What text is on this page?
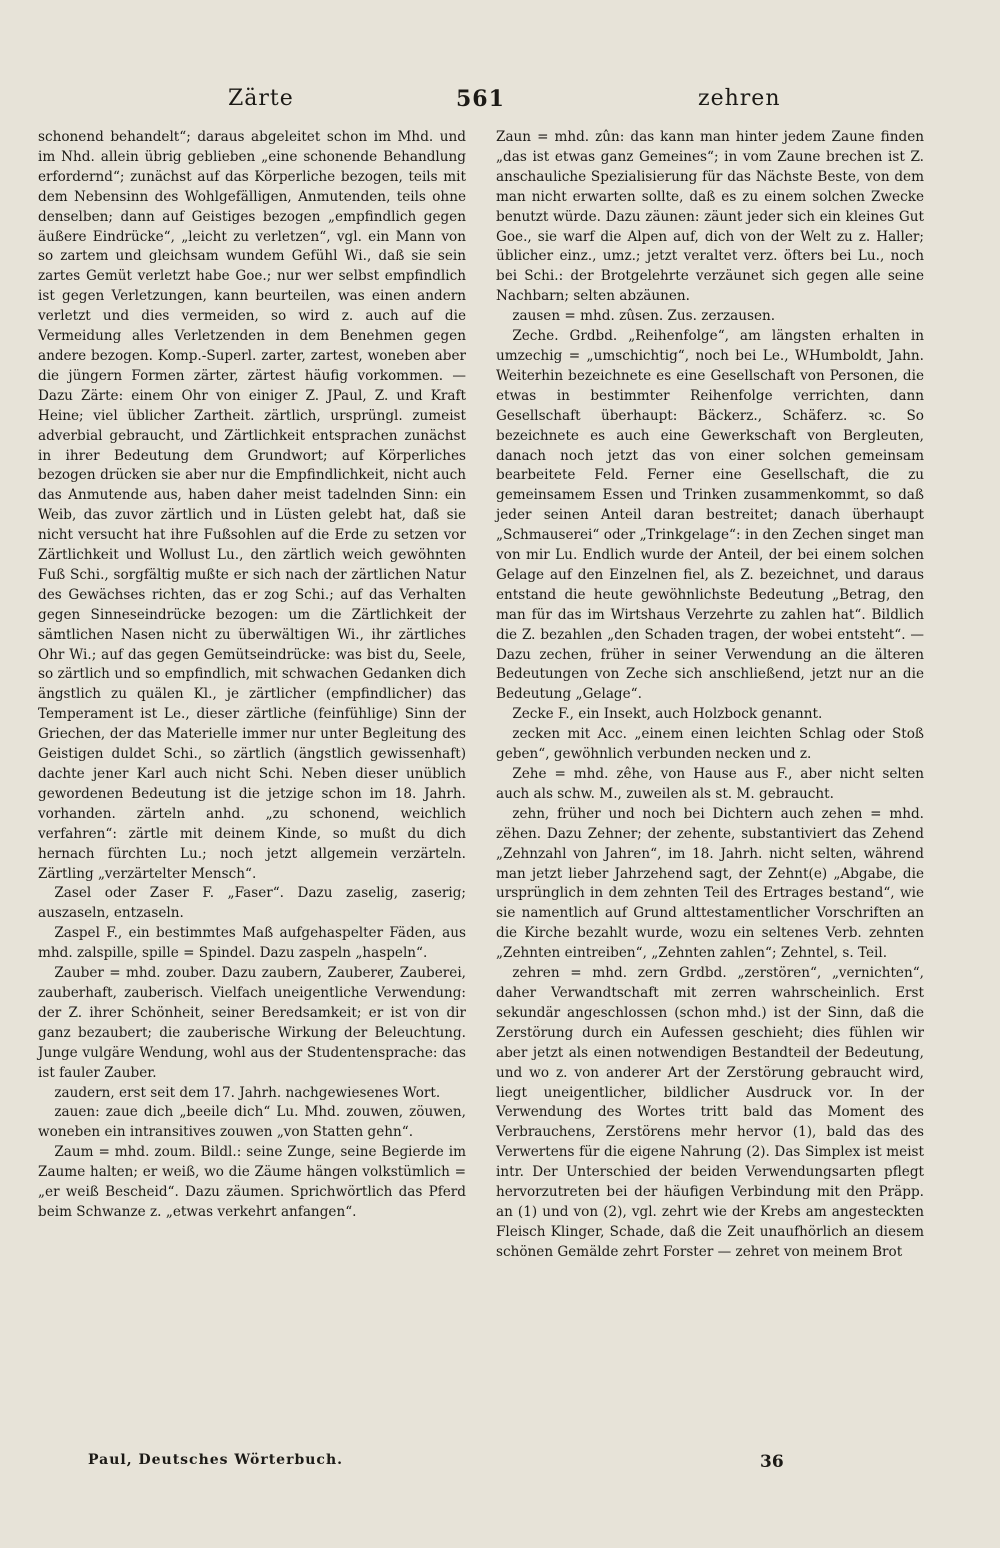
Zärte	561	zehren

schonend behandelt“; daraus abgeleitet schon im Mhd. und im Nhd. allein übrig geblieben „eine schonende Behandlung erfordernd“; zunächst auf das Körperliche bezogen, teils mit dem Nebensinn des Wohlgefälligen, Anmutenden, teils ohne denselben; dann auf Geistiges bezogen „empfindlich gegen äußere Eindrücke“, „leicht zu verletzen“, vgl. ein Mann von so zartem und gleichsam wundem Gefühl Wi., daß sie sein zartes Gemüt verletzt habe Goe.; nur wer selbst empfindlich ist gegen Verletzungen, kann beurteilen, was einen andern verletzt und dies vermeiden, so wird z. auch auf die Vermeidung alles Verletzenden in dem Benehmen gegen andere bezogen. Komp.-Superl. zarter, zartest, woneben aber die jüngern Formen zärter, zärtest häufig vorkommen. — Dazu Zärte: einem Ohr von einiger Z. JPaul, Z. und Kraft Heine; viel üblicher Zartheit. zärtlich, ursprüngl. zumeist adverbial gebraucht, und Zärtlichkeit entsprachen zunächst in ihrer Bedeutung dem Grundwort; auf Körperliches bezogen drücken sie aber nur die Empfindlichkeit, nicht auch das Anmutende aus, haben daher meist tadelnden Sinn: ein Weib, das zuvor zärtlich und in Lüsten gelebt hat, daß sie nicht versucht hat ihre Fußsohlen auf die Erde zu setzen vor Zärtlichkeit und Wollust Lu., den zärtlich weich gewöhnten Fuß Schi., sorgfältig mußte er sich nach der zärtlichen Natur des Gewächses richten, das er zog Schi.; auf das Verhalten gegen Sinneseindrücke bezogen: um die Zärtlichkeit der sämtlichen Nasen nicht zu überwältigen Wi., ihr zärtliches Ohr Wi.; auf das gegen Gemütseindrücke: was bist du, Seele, so zärtlich und so empfindlich, mit schwachen Gedanken dich ängstlich zu quälen Kl., je zärtlicher (empfindlicher) das Temperament ist Le., dieser zärtliche (feinfühlige) Sinn der Griechen, der das Materielle immer nur unter Begleitung des Geistigen duldet Schi., so zärtlich (ängstlich gewissenhaft) dachte jener Karl auch nicht Schi. Neben dieser unüblich gewordenen Bedeutung ist die jetzige schon im 18. Jahrh. vorhanden. zärteln anhd. „zu schonend, weichlich verfahren“: zärtle mit deinem Kinde, so mußt du dich hernach fürchten Lu.; noch jetzt allgemein verzärteln. Zärtling „verzärtelter Mensch“.

Zasel oder Zaser F. „Faser“. Dazu zaselig, zaserig; auszaseln, entzaseln.

Zaspel F., ein bestimmtes Maß aufgehaspelter Fäden, aus mhd. zalspille, spille = Spindel. Dazu zaspeln „haspeln“.

Zauber = mhd. zouber. Dazu zaubern, Zauberer, Zauberei, zauberhaft, zauberisch. Vielfach uneigentliche Verwendung: der Z. ihrer Schönheit, seiner Beredsamkeit; er ist von dir ganz bezaubert; die zauberische Wirkung der Beleuchtung. Junge vulgäre Wendung, wohl aus der Studentensprache: das ist fauler Zauber.

zaudern, erst seit dem 17. Jahrh. nachgewiesenes Wort.

zauen: zaue dich „beeile dich“ Lu. Mhd. zouwen, zöuwen, woneben ein intransitives zouwen „von Statten gehn“.

Zaum = mhd. zoum. Bildl.: seine Zunge, seine Begierde im Zaume halten; er weiß, wo die Zäume hängen volkstümlich = „er weiß Bescheid“. Dazu zäumen. Sprichwörtlich das Pferd beim Schwanze z. „etwas verkehrt anfangen“.

Zaun = mhd. zûn: das kann man hinter jedem Zaune finden „das ist etwas ganz Gemeines“; in vom Zaune brechen ist Z. anschauliche Spezialisierung für das Nächste Beste, von dem man nicht erwarten sollte, daß es zu einem solchen Zwecke benutzt würde. Dazu zäunen: zäunt jeder sich ein kleines Gut Goe., sie warf die Alpen auf, dich von der Welt zu z. Haller; üblicher einz., umz.; jetzt veraltet verz. öfters bei Lu., noch bei Schi.: der Brotgelehrte verzäunet sich gegen alle seine Nachbarn; selten abzäunen.

zausen = mhd. zûsen. Zus. zerzausen.

Zeche. Grdbd. „Reihenfolge“, am längsten erhalten in umzechig = „umschichtig“, noch bei Le., WHumboldt, Jahn. Weiterhin bezeichnete es eine Gesellschaft von Personen, die etwas in bestimmter Reihenfolge verrichten, dann Gesellschaft überhaupt: Bäckerz., Schäferz. ꝛc. So bezeichnete es auch eine Gewerkschaft von Bergleuten, danach noch jetzt das von einer solchen gemeinsam bearbeitete Feld. Ferner eine Gesellschaft, die zu gemeinsamem Essen und Trinken zusammenkommt, so daß jeder seinen Anteil daran bestreitet; danach überhaupt „Schmauserei“ oder „Trinkgelage“: in den Zechen singet man von mir Lu. Endlich wurde der Anteil, der bei einem solchen Gelage auf den Einzelnen fiel, als Z. bezeichnet, und daraus entstand die heute gewöhnlichste Bedeutung „Betrag, den man für das im Wirtshaus Verzehrte zu zahlen hat“. Bildlich die Z. bezahlen „den Schaden tragen, der wobei entsteht“. — Dazu zechen, früher in seiner Verwendung an die älteren Bedeutungen von Zeche sich anschließend, jetzt nur an die Bedeutung „Gelage“.

Zecke F., ein Insekt, auch Holzbock genannt.

zecken mit Acc. „einem einen leichten Schlag oder Stoß geben“, gewöhnlich verbunden necken und z.

Zehe = mhd. zêhe, von Hause aus F., aber nicht selten auch als schw. M., zuweilen als st. M. gebraucht.

zehn, früher und noch bei Dichtern auch zehen = mhd. zëhen. Dazu Zehner; der zehente, substantiviert das Zehend „Zehnzahl von Jahren“, im 18. Jahrh. nicht selten, während man jetzt lieber Jahrzehend sagt, der Zehnt(e) „Abgabe, die ursprünglich in dem zehnten Teil des Ertrages bestand“, wie sie namentlich auf Grund alttestamentlicher Vorschriften an die Kirche bezahlt wurde, wozu ein seltenes Verb. zehnten „Zehnten eintreiben“, „Zehnten zahlen“; Zehntel, s. Teil.

zehren = mhd. zern Grdbd. „zerstören“, „vernichten“, daher Verwandtschaft mit zerren wahrscheinlich. Erst sekundär angeschlossen (schon mhd.) ist der Sinn, daß die Zerstörung durch ein Aufessen geschieht; dies fühlen wir aber jetzt als einen notwendigen Bestandteil der Bedeutung, und wo z. von anderer Art der Zerstörung gebraucht wird, liegt uneigentlicher, bildlicher Ausdruck vor. In der Verwendung des Wortes tritt bald das Moment des Verbrauchens, Zerstörens mehr hervor (1), bald das des Verwertens für die eigene Nahrung (2). Das Simplex ist meist intr. Der Unterschied der beiden Verwendungsarten pflegt hervorzutreten bei der häufigen Verbindung mit den Präpp. an (1) und von (2), vgl. zehrt wie der Krebs am angesteckten Fleisch Klinger, Schade, daß die Zeit unaufhörlich an diesem schönen Gemälde zehrt Forster — zehret von meinem Brot

Paul, Deutsches Wörterbuch.	36
